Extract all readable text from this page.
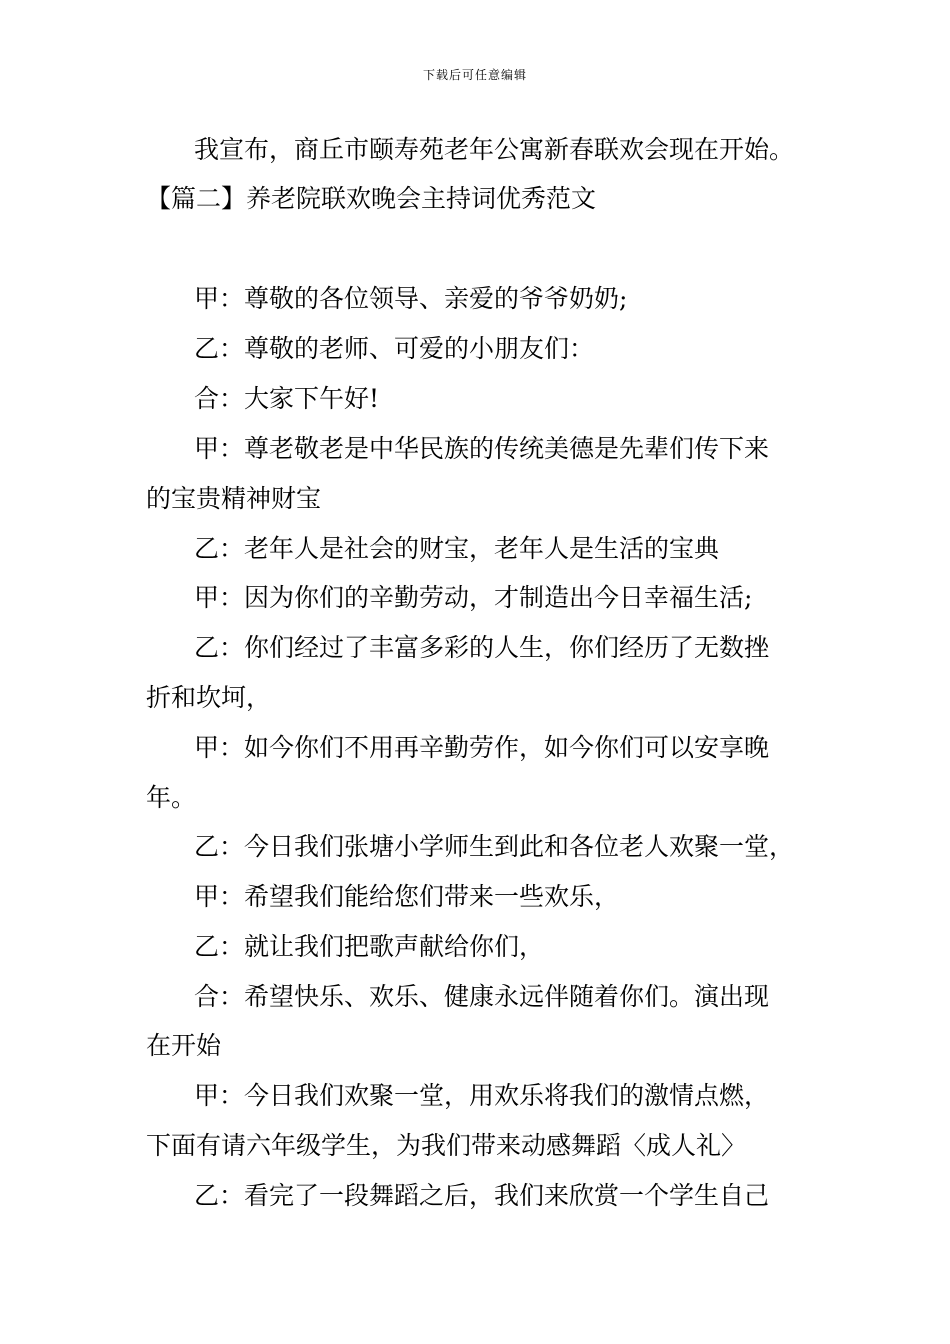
下载后可任意编辑
我宣布，商丘市颐寿苑老年公寓新春联欢会现在开始。
【篇二】养老院联欢晚会主持词优秀范文
甲：尊敬的各位领导、亲爱的爷爷奶奶;
乙：尊敬的老师、可爱的小朋友们：
合：大家下午好!
甲：尊老敬老是中华民族的传统美德是先辈们传下来
的宝贵精神财宝
乙：老年人是社会的财宝，老年人是生活的宝典
甲：因为你们的辛勤劳动，才制造出今日幸福生活;
乙：你们经过了丰富多彩的人生，你们经历了无数挫
折和坎坷，
甲：如今你们不用再辛勤劳作，如今你们可以安享晚
年。
乙：今日我们张塘小学师生到此和各位老人欢聚一堂，
甲：希望我们能给您们带来一些欢乐，
乙：就让我们把歌声献给你们，
合：希望快乐、欢乐、健康永远伴随着你们。演出现
在开始
甲：今日我们欢聚一堂，用欢乐将我们的激情点燃，
下面有请六年级学生，为我们带来动感舞蹈〈成人礼〉
乙：看完了一段舞蹈之后，我们来欣赏一个学生自己
